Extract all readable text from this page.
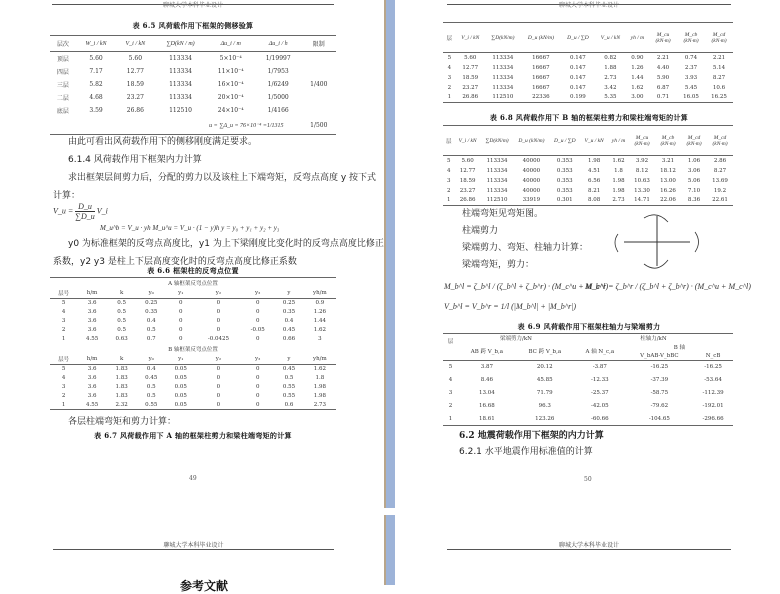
聊城大学本科毕业设计
表 6.5 风荷载作用下框架的侧移验算
层次	W_i / kN	V_i / kN	∑D(kN / m)	Δu_i / m	Δu_i / h	限制
顶层	5.60	5.60	113334	5×10⁻⁴	1/19997	
四层	7.17	12.77	113334	11×10⁻⁴	1/7953	
三层	5.82	18.59	113334	16×10⁻⁴	1/6249	1/400
二层	4.68	23.27	113334	20×10⁻⁴	1/5000	
底层	3.59	26.86	112510	24×10⁻⁴	1/4166	
u = ∑Δ_u = 76×10⁻⁴ =1/1315						1/500
由此可看出风荷载作用下的侧移刚度满足要求。
6.1.4 风荷载作用下框架内力计算
求出框架层间剪力后，分配的剪力以及该柱上下端弯矩，反弯点高度 y 按下式
计算：
V_u = $\frac{D\_u}{\sum D\_u}$ V_i
M_u^b = V_u · yh M_u^u = V_u · (1 − y)h y = y₀ + y₁ + y₂ + y₃
y0 为标准框架的反弯点高度比，y1 为上下梁刚度比变化时的反弯点高度比修正
系数，y2 y3 是柱上下层高度变化时的反弯点高度比修正系数
表 6.6 框架柱的反弯点位置
A 轴框架反弯点位置								
层号	h/m	k	y₀	y₁	y₂	y₃	y	yh/m
5	3.6	0.5	0.25	0	0	0	0.25	0.9
4	3.6	0.5	0.35	0	0	0	0.35	1.26
3	3.6	0.5	0.4	0	0	0	0.4	1.44
2	3.6	0.5	0.5	0	0	-0.05	0.45	1.62
1	4.55	0.63	0.7	0	-0.0425	0	0.66	3
B 轴框架反弯点位置								
层号	h/m	k	y₀	y₁	y₂	y₃	y	yh/m
5	3.6	1.83	0.4	0.05	0	0	0.45	1.62
4	3.6	1.83	0.45	0.05	0	0	0.5	1.8
3	3.6	1.83	0.5	0.05	0	0	0.55	1.98
2	3.6	1.83	0.5	0.05	0	0	0.55	1.98
1	4.55	2.32	0.55	0.05	0	0	0.6	2.73
各层柱端弯矩和剪力计算：
表 6.7 风荷载作用下 A 轴的框架柱剪力和梁柱端弯矩的计算
49
聊城大学本科毕业设计
参考文献
聊城大学本科毕业设计
层	V_i / kN	∑D(kN/m)	D_u (kN/m)	D_u / ∑D	V_u / kN	yh / m	M_cu (kN·m)	M_cb (kN·m)	M_cd (kN·m)
5	5.60	113334	16667	0.147	0.82	0.90	2.21	0.74	2.21
4	12.77	113334	16667	0.147	1.88	1.26	4.40	2.37	5.14
3	18.59	113334	16667	0.147	2.73	1.44	5.90	3.93	8.27
2	23.27	113334	16667	0.147	3.42	1.62	6.87	5.45	10.6
1	26.86	112510	22336	0.199	5.35	3.00	0.71	16.05	16.25
表 6.8 风荷载作用下 B 轴的框架柱剪力和梁柱端弯矩的计算
层	V_i / kN	∑D(kN/m)	D_u (kN/m)	D_u / ∑D	V_u / kN	yh / m	M_cu (kN·m)	M_cb (kN·m)	M_cd (kN·m)	M_cd (kN·m)
5	5.60	113334	40000	0.353	1.98	1.62	3.92	3.21	1.06	2.86
4	12.77	113334	40000	0.353	4.51	1.8	8.12	18.12	3.06	8.27
3	18.59	113334	40000	0.353	6.56	1.98	10.63	13.00	5.06	13.69
2	23.27	113334	40000	0.353	8.21	1.98	13.30	16.26	7.10	19.2
1	26.86	112510	33919	0.301	8.08	2.73	14.71	22.06	8.36	22.61
柱端弯矩见弯矩图。
柱端剪力
梁端剪力、弯矩、柱轴力计算：
梁端弯矩，剪力：
M_b^l = ζ_b^l / (ζ_b^l + ζ_b^r) · (M_c^u + M_c^l)
M_b^r = ζ_b^r / (ζ_b^l + ζ_b^r) · (M_c^u + M_c^l)
V_b^l = V_b^r = 1/l (|M_b^l| + |M_b^r|)
表 6.9 风荷载作用下框架柱轴力与梁端剪力
层	梁端剪力/kN		柱轴力/kN		
	AB 跨 V_b,a	BC 跨 V_b,a	A 轴 N_c,a	B 轴	
				V_bAB-V_bBC	N_cB
5	3.87	20.12	-3.87	-16.25	-16.25
4	8.46	45.85	-12.33	-37.39	-53.64
3	13.04	71.79	-25.37	-58.75	-112.39
2	16.68	96.3	-42.05	-79.62	-192.01
1	18.61	123.26	-60.66	-104.65	-296.66
6.2 地震荷载作用下框架的内力计算
6.2.1 水平地震作用标准值的计算
50
聊城大学本科毕业设计
